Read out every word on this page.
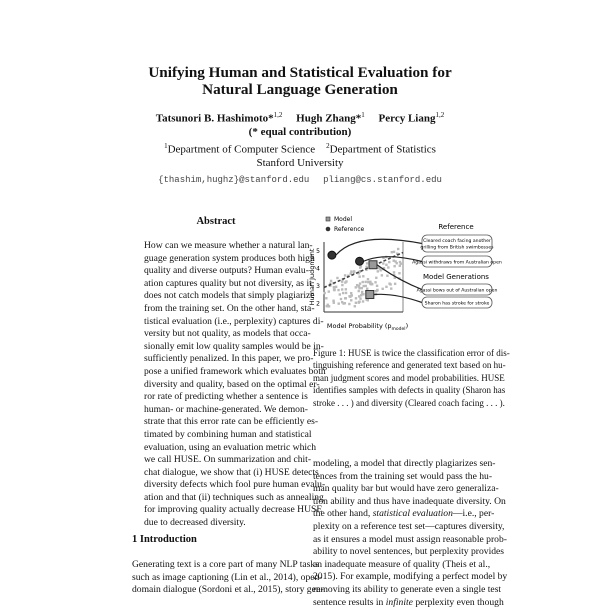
Unifying Human and Statistical Evaluation for
Natural Language Generation
Tatsunori B. Hashimoto*$^{1,2}$ Hugh Zhang*$^1$ Percy Liang$^{1,2}$
(* equal contribution)
$^1$Department of Computer Science $^2$Department of Statistics
Stanford University
{thashim,hughz}@stanford.edu pliang@cs.stanford.edu
Abstract
How can we measure whether a natural lan-
guage generation system produces both high
quality and diverse outputs? Human evalu-
ation captures quality but not diversity, as it
does not catch models that simply plagiarize
from the training set. On the other hand, sta-
tistical evaluation (i.e., perplexity) captures di-
versity but not quality, as models that occa-
sionally emit low quality samples would be in-
sufficiently penalized. In this paper, we pro-
pose a unified framework which evaluates both
diversity and quality, based on the optimal er-
ror rate of predicting whether a sentence is
human- or machine-generated. We demon-
strate that this error rate can be efficiently es-
timated by combining human and statistical
evaluation, using an evaluation metric which
we call HUSE. On summarization and chit-
chat dialogue, we show that (i) HUSE detects
diversity defects which fool pure human evalu-
ation and that (ii) techniques such as annealing
for improving quality actually decrease HUSE
due to decreased diversity.
1 Introduction
Generating text is a core part of many NLP tasks
such as image captioning (Lin et al., 2014), open-
domain dialogue (Sordoni et al., 2015), story gen-
2
3
4
5
Human Judgment
Model Probability $(p_{model})$
Model
Reference	Reference
Model Generations
Cleared coach facing another
grilling from British swimbosses
Agassi withdraws from Australian open
Agassi bows out of Australian open
Sharon has stroke for stroke
Figure 1: HUSE is twice the classification error of dis-
tinguishing reference and generated text based on hu-
man judgment scores and model probabilities. HUSE
identifies samples with defects in quality (Sharon has
stroke . . . ) and diversity (Cleared coach facing . . . ).
modeling, a model that directly plagiarizes sen-
tences from the training set would pass the hu-
man quality bar but would have zero generaliza-
tion ability and thus have inadequate diversity. On
the other hand, statistical evaluation—i.e., per-
plexity on a reference test set—captures diversity,
as it ensures a model must assign reasonable prob-
ability to novel sentences, but perplexity provides
an inadequate measure of quality (Theis et al.,
2015). For example, modifying a perfect model by
removing its ability to generate even a single test
sentence results in infinite perplexity even though
